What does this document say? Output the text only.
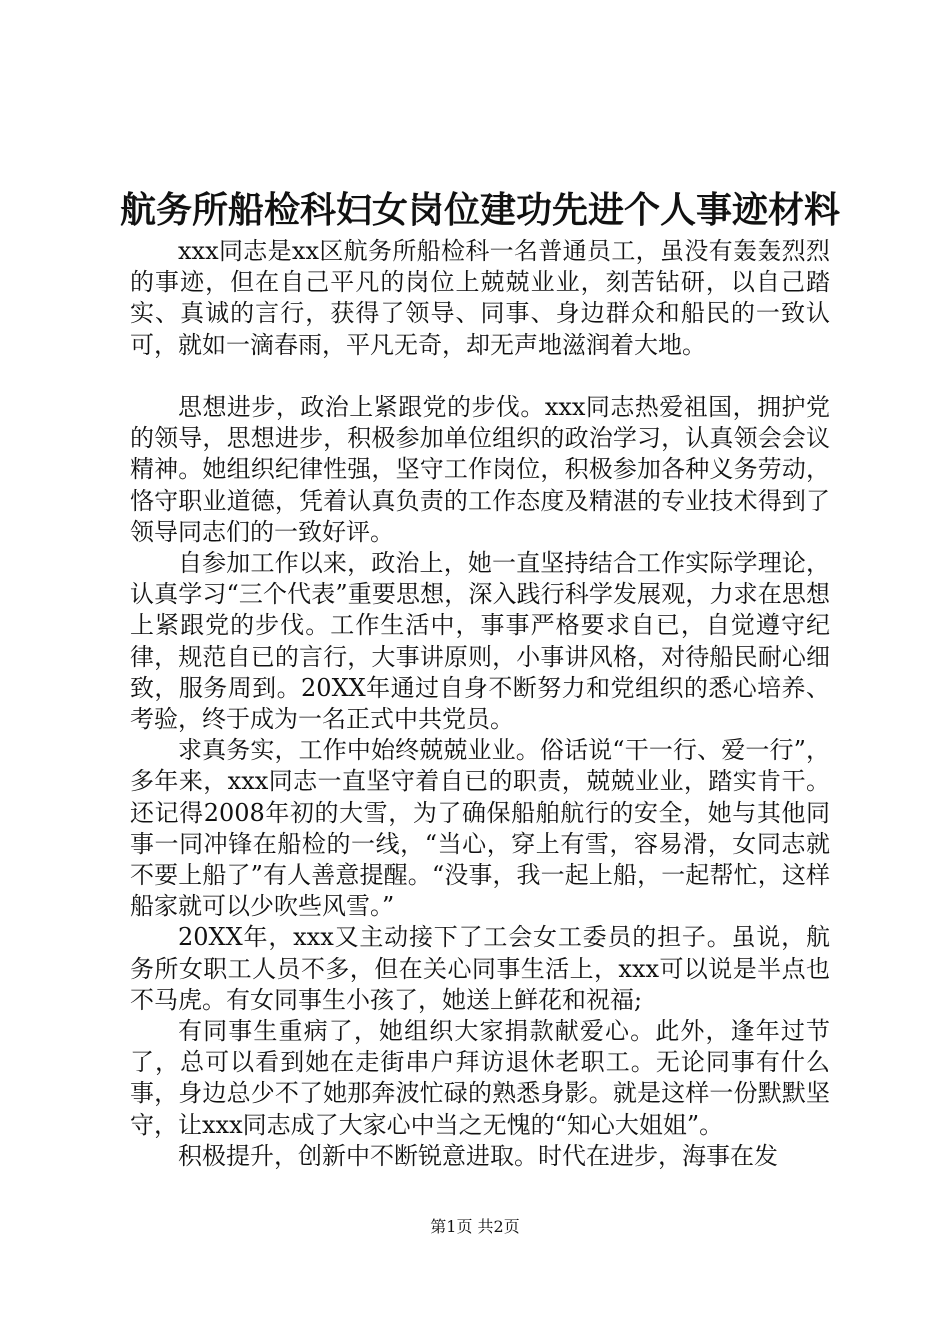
航务所船检科妇女岗位建功先进个人事迹材料

xxx同志是xx区航务所船检科一名普通员工，虽没有轰轰烈烈的事迹，但在自己平凡的岗位上兢兢业业，刻苦钻研，以自己踏实、真诚的言行，获得了领导、同事、身边群众和船民的一致认可，就如一滴春雨，平凡无奇，却无声地滋润着大地。

思想进步，政治上紧跟党的步伐。xxx同志热爱祖国，拥护党的领导，思想进步，积极参加单位组织的政治学习，认真领会会议精神。她组织纪律性强，坚守工作岗位，积极参加各种义务劳动，恪守职业道德，凭着认真负责的工作态度及精湛的专业技术得到了领导同志们的一致好评。

自参加工作以来，政治上，她一直坚持结合工作实际学理论，认真学习“三个代表”重要思想，深入践行科学发展观，力求在思想上紧跟党的步伐。工作生活中，事事严格要求自已，自觉遵守纪律，规范自已的言行，大事讲原则，小事讲风格，对待船民耐心细致，服务周到。20XX年通过自身不断努力和党组织的悉心培养、考验，终于成为一名正式中共党员。

求真务实，工作中始终兢兢业业。俗话说“干一行、爱一行”，多年来，xxx同志一直坚守着自已的职责，兢兢业业，踏实肯干。还记得2008年初的大雪，为了确保船舶航行的安全，她与其他同事一同冲锋在船检的一线，“当心，穿上有雪，容易滑，女同志就不要上船了”有人善意提醒。“没事，我一起上船，一起帮忙，这样船家就可以少吹些风雪。”

20XX年，xxx又主动接下了工会女工委员的担子。虽说，航务所女职工人员不多，但在关心同事生活上，xxx可以说是半点也不马虎。有女同事生小孩了，她送上鲜花和祝福;

有同事生重病了，她组织大家捐款献爱心。此外，逢年过节了，总可以看到她在走街串户拜访退休老职工。无论同事有什么事，身边总少不了她那奔波忙碌的熟悉身影。就是这样一份默默坚守，让xxx同志成了大家心中当之无愧的“知心大姐姐”。

积极提升，创新中不断锐意进取。时代在进步，海事在发

第1页 共2页
